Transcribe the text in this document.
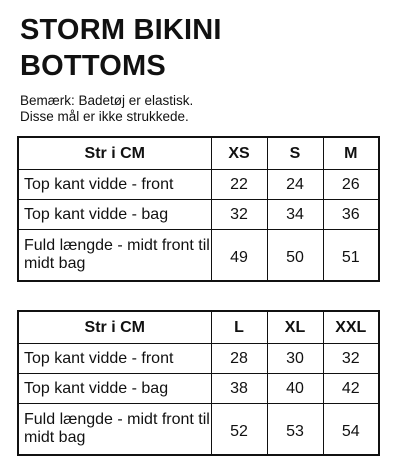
STORM BIKINI BOTTOMS
Bemærk: Badetøj er elastisk.
Disse mål er ikke strukkede.
Str i CM	XS	S	M
Top kant vidde - front	22	24	26
Top kant vidde - bag	32	34	36
Fuld længde - midt front til midt bag	49	50	51
Str i CM	L	XL	XXL
Top kant vidde - front	28	30	32
Top kant vidde - bag	38	40	42
Fuld længde - midt front til midt bag	52	53	54
